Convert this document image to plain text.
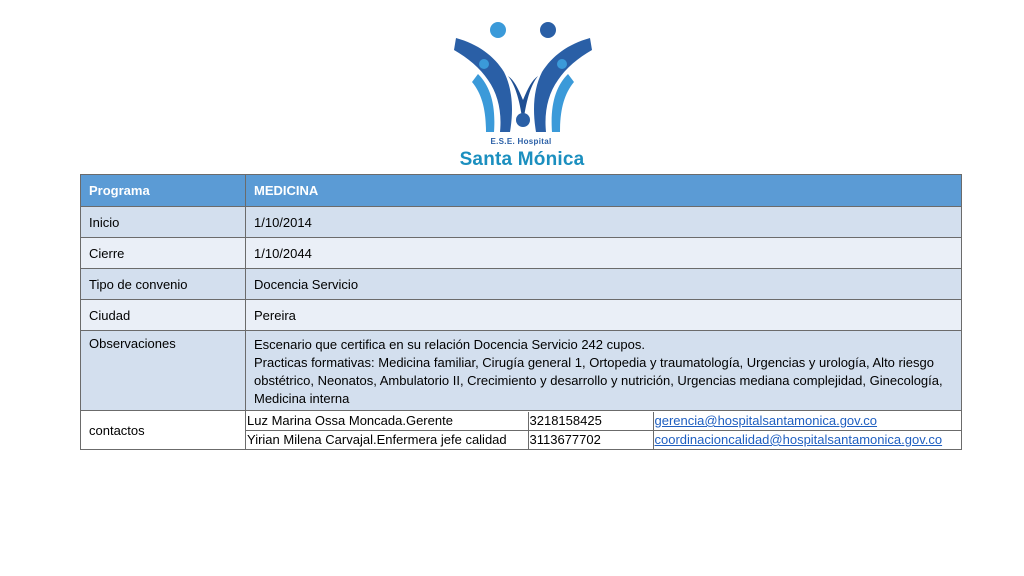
E.S.E. Hospital
Santa Mónica
Programa	MEDICINA
Inicio	1/10/2014
Cierre	1/10/2044
Tipo de convenio	Docencia Servicio
Ciudad	Pereira
Observaciones	Escenario que certifica en su relación Docencia Servicio 242 cupos.
Practicas formativas: Medicina familiar, Cirugía general 1, Ortopedia y traumatología, Urgencias y urología, Alto riesgo obstétrico, Neonatos, Ambulatorio II, Crecimiento y desarrollo y nutrición, Urgencias mediana complejidad, Ginecología, Medicina interna

contactos	
Luz Marina Ossa Moncada.Gerente	3218158425	gerencia@hospitalsantamonica.gov.co
Yirian Milena Carvajal.Enfermera jefe calidad	3113677702	coordinacioncalidad@hospitalsantamonica.gov.co
